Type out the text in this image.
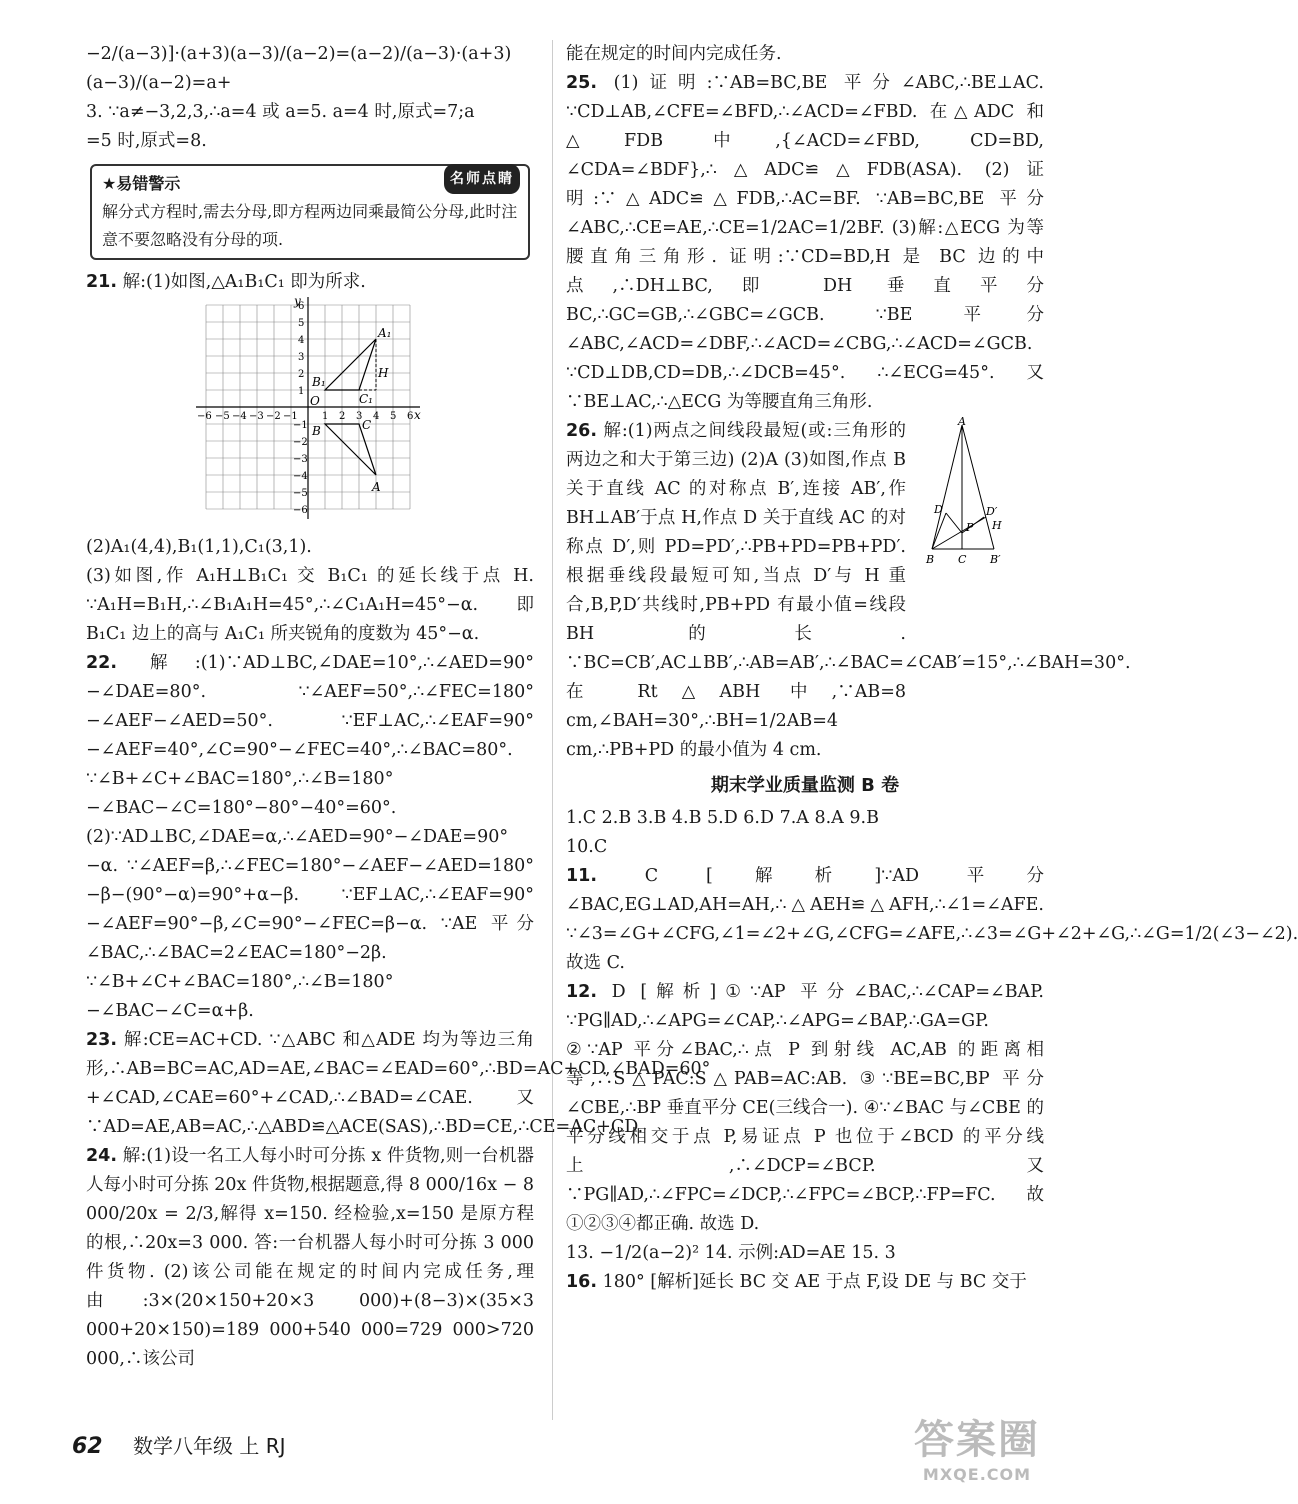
−2/(a−3)]·(a+3)(a−3)/(a−2)=(a−2)/(a−3)·(a+3)(a−3)/(a−2)=a+

3. ∵a≠−3,2,3,∴a=4 或 a=5. a=4 时,原式=7;a

=5 时,原式=8.

名师点睛
★易错警示
解分式方程时,需去分母,即方程两边同乘最简公分母,此时注意不要忽略没有分母的项.

21. 解:(1)如图,△A₁B₁C₁ 即为所求.

A₁
B₁
C₁
H
O
B	C
A
x
y
−6 −5 −4 −3 −2 −1 1 2 3 4 5 6
6
5
4
3
2
1
−1
−2
−3
−4
−5
−6

(2)A₁(4,4),B₁(1,1),C₁(3,1).

(3)如图,作 A₁H⊥B₁C₁ 交 B₁C₁ 的延长线于点 H. ∵A₁H=B₁H,∴∠B₁A₁H=45°,∴∠C₁A₁H=45°−α. 即 B₁C₁ 边上的高与 A₁C₁ 所夹锐角的度数为 45°−α.

22. 解:(1)∵AD⊥BC,∠DAE=10°,∴∠AED=90°−∠DAE=80°. ∵∠AEF=50°,∴∠FEC=180°−∠AEF−∠AED=50°. ∵EF⊥AC,∴∠EAF=90°−∠AEF=40°,∠C=90°−∠FEC=40°,∴∠BAC=80°. ∵∠B+∠C+∠BAC=180°,∴∠B=180°−∠BAC−∠C=180°−80°−40°=60°. (2)∵AD⊥BC,∠DAE=α,∴∠AED=90°−∠DAE=90°−α. ∵∠AEF=β,∴∠FEC=180°−∠AEF−∠AED=180°−β−(90°−α)=90°+α−β. ∵EF⊥AC,∴∠EAF=90°−∠AEF=90°−β,∠C=90°−∠FEC=β−α. ∵AE 平分∠BAC,∴∠BAC=2∠EAC=180°−2β. ∵∠B+∠C+∠BAC=180°,∴∠B=180°−∠BAC−∠C=α+β.

23. 解:CE=AC+CD. ∵△ABC 和△ADE 均为等边三角形,∴AB=BC=AC,AD=AE,∠BAC=∠EAD=60°,∴BD=AC+CD,∠BAD=60°+∠CAD,∠CAE=60°+∠CAD,∴∠BAD=∠CAE. 又∵AD=AE,AB=AC,∴△ABD≌△ACE(SAS),∴BD=CE,∴CE=AC+CD.

24. 解:(1)设一名工人每小时可分拣 x 件货物,则一台机器人每小时可分拣 20x 件货物,根据题意,得 8 000/16x − 8 000/20x = 2/3,解得 x=150. 经检验,x=150 是原方程的根,∴20x=3 000. 答:一台机器人每小时可分拣 3 000 件货物. (2)该公司能在规定的时间内完成任务,理由:3×(20×150+20×3 000)+(8−3)×(35×3 000+20×150)=189 000+540 000=729 000>720 000,∴该公司

能在规定的时间内完成任务.

25. (1)证明:∵AB=BC,BE 平分∠ABC,∴BE⊥AC. ∵CD⊥AB,∠CFE=∠BFD,∴∠ACD=∠FBD. 在△ADC 和△FDB 中,{∠ACD=∠FBD, CD=BD, ∠CDA=∠BDF},∴△ADC≌△FDB(ASA). (2)证明:∵△ADC≌△FDB,∴AC=BF. ∵AB=BC,BE 平分∠ABC,∴CE=AE,∴CE=1/2AC=1/2BF. (3)解:△ECG 为等腰直角三角形. 证明:∵CD=BD,H 是 BC 边的中点,∴DH⊥BC,即 DH 垂直平分 BC,∴GC=GB,∴∠GBC=∠GCB. ∵BE 平分∠ABC,∠ACD=∠DBF,∴∠ACD=∠CBG,∴∠ACD=∠GCB. ∵CD⊥DB,CD=DB,∴∠DCB=45°. ∴∠ECG=45°. 又∵BE⊥AC,∴△ECG 为等腰直角三角形.

A
D	D′
P H
B C B′

26. 解:(1)两点之间线段最短(或:三角形的两边之和大于第三边) (2)A (3)如图,作点 B 关于直线 AC 的对称点 B′,连接 AB′,作 BH⊥AB′于点 H,作点 D 关于直线 AC 的对称点 D′,则 PD=PD′,∴PB+PD=PB+PD′. 根据垂线段最短可知,当点 D′与 H 重合,B,P,D′共线时,PB+PD 有最小值=线段 BH 的长. ∵BC=CB′,AC⊥BB′,∴AB=AB′,∴∠BAC=∠CAB′=15°,∴∠BAH=30°. 在 Rt△ABH 中,∵AB=8 cm,∠BAH=30°,∴BH=1/2AB=4 cm,∴PB+PD 的最小值为 4 cm.

期末学业质量监测 B 卷

1.C 2.B 3.B 4.B 5.D 6.D 7.A 8.A 9.B

10.C

11.	C [解析]∵AD 平分∠BAC,EG⊥AD,AH=AH,∴△AEH≌△AFH,∴∠1=∠AFE. ∵∠3=∠G+∠CFG,∠1=∠2+∠G,∠CFG=∠AFE,∴∠3=∠G+∠2+∠G,∴∠G=1/2(∠3−∠2). 故选 C.

12. D [解析]①∵AP 平分∠BAC,∴∠CAP=∠BAP. ∵PG∥AD,∴∠APG=∠CAP,∴∠APG=∠BAP,∴GA=GP. ②∵AP 平分∠BAC,∴点 P 到射线 AC,AB 的距离相等,∴S△PAC:S△PAB=AC:AB. ③∵BE=BC,BP 平分∠CBE,∴BP 垂直平分 CE(三线合一). ④∵∠BAC 与∠CBE 的平分线相交于点 P,易证点 P 也位于∠BCD 的平分线上,∴∠DCP=∠BCP. 又∵PG∥AD,∴∠FPC=∠DCP,∴∠FPC=∠BCP,∴FP=FC. 故①②③④都正确. 故选 D.

13. −1/2(a−2)² 14. 示例:AD=AE 15. 3

16. 180° [解析]延长 BC 交 AE 于点 F,设 DE 与 BC 交于

62 数学八年级 上 RJ	答案圈
MXQE.COM
